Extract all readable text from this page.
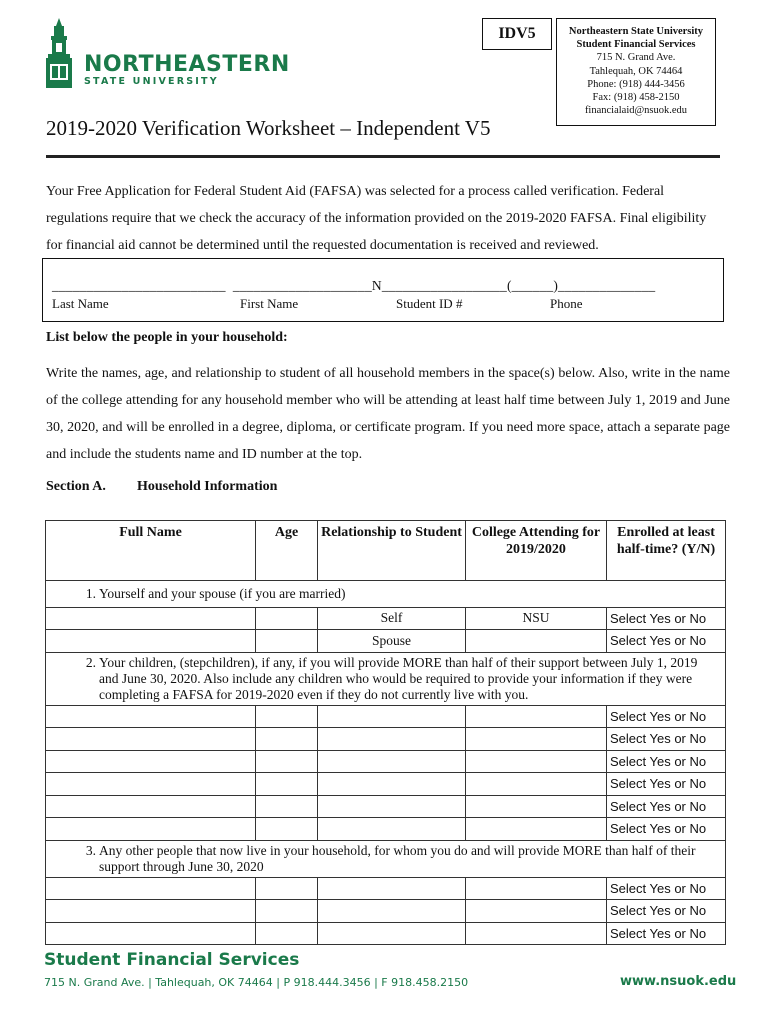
NORTHEASTERN
STATE UNIVERSITY
IDV5	Northeastern State University
Student Financial Services
715 N. Grand Ave.
Tahlequah, OK 74464
Phone: (918) 444-3456
Fax: (918) 458-2150
financialaid@nsuok.edu
2019-2020 Verification Worksheet – Independent V5
Your Free Application for Federal Student Aid (FAFSA) was selected for a process called verification. Federal regulations require that we check the accuracy of the information provided on the 2019-2020 FAFSA. Final eligibility for financial aid cannot be determined until the requested documentation is received and reviewed.
_________________________  ____________________N__________________(______)______________
Last Name	First Name	Student ID #	Phone
List below the people in your household:
Write the names, age, and relationship to student of all household members in the space(s) below. Also, write in the name of the college attending for any household member who will be attending at least half time between July 1, 2019 and June 30, 2020, and will be enrolled in a degree, diploma, or certificate program. If you need more space, attach a separate page and include the students name and ID number at the top.
Section A. Household Information
Full Name	Age	Relationship to Student	College Attending for 2019/2020	Enrolled at least half-time? (Y/N)
1. Yourself and your spouse (if you are married)				
		Self	NSU	Select Yes or No
		Spouse		Select Yes or No
2. Your children, (stepchildren), if any, if you will provide MORE than half of their support between July 1, 2019 and June 30, 2020. Also include any children who would be required to provide your information if they were completing a FAFSA for 2019-2020 even if they do not currently live with you.				
				Select Yes or No
				Select Yes or No
				Select Yes or No
				Select Yes or No
				Select Yes or No
				Select Yes or No
3. Any other people that now live in your household, for whom you do and will provide MORE than half of their support through June 30, 2020				
				Select Yes or No
				Select Yes or No
				Select Yes or No
Student Financial Services
715 N. Grand Ave. | Tahlequah, OK 74464 | P 918.444.3456 | F 918.458.2150	www.nsuok.edu
